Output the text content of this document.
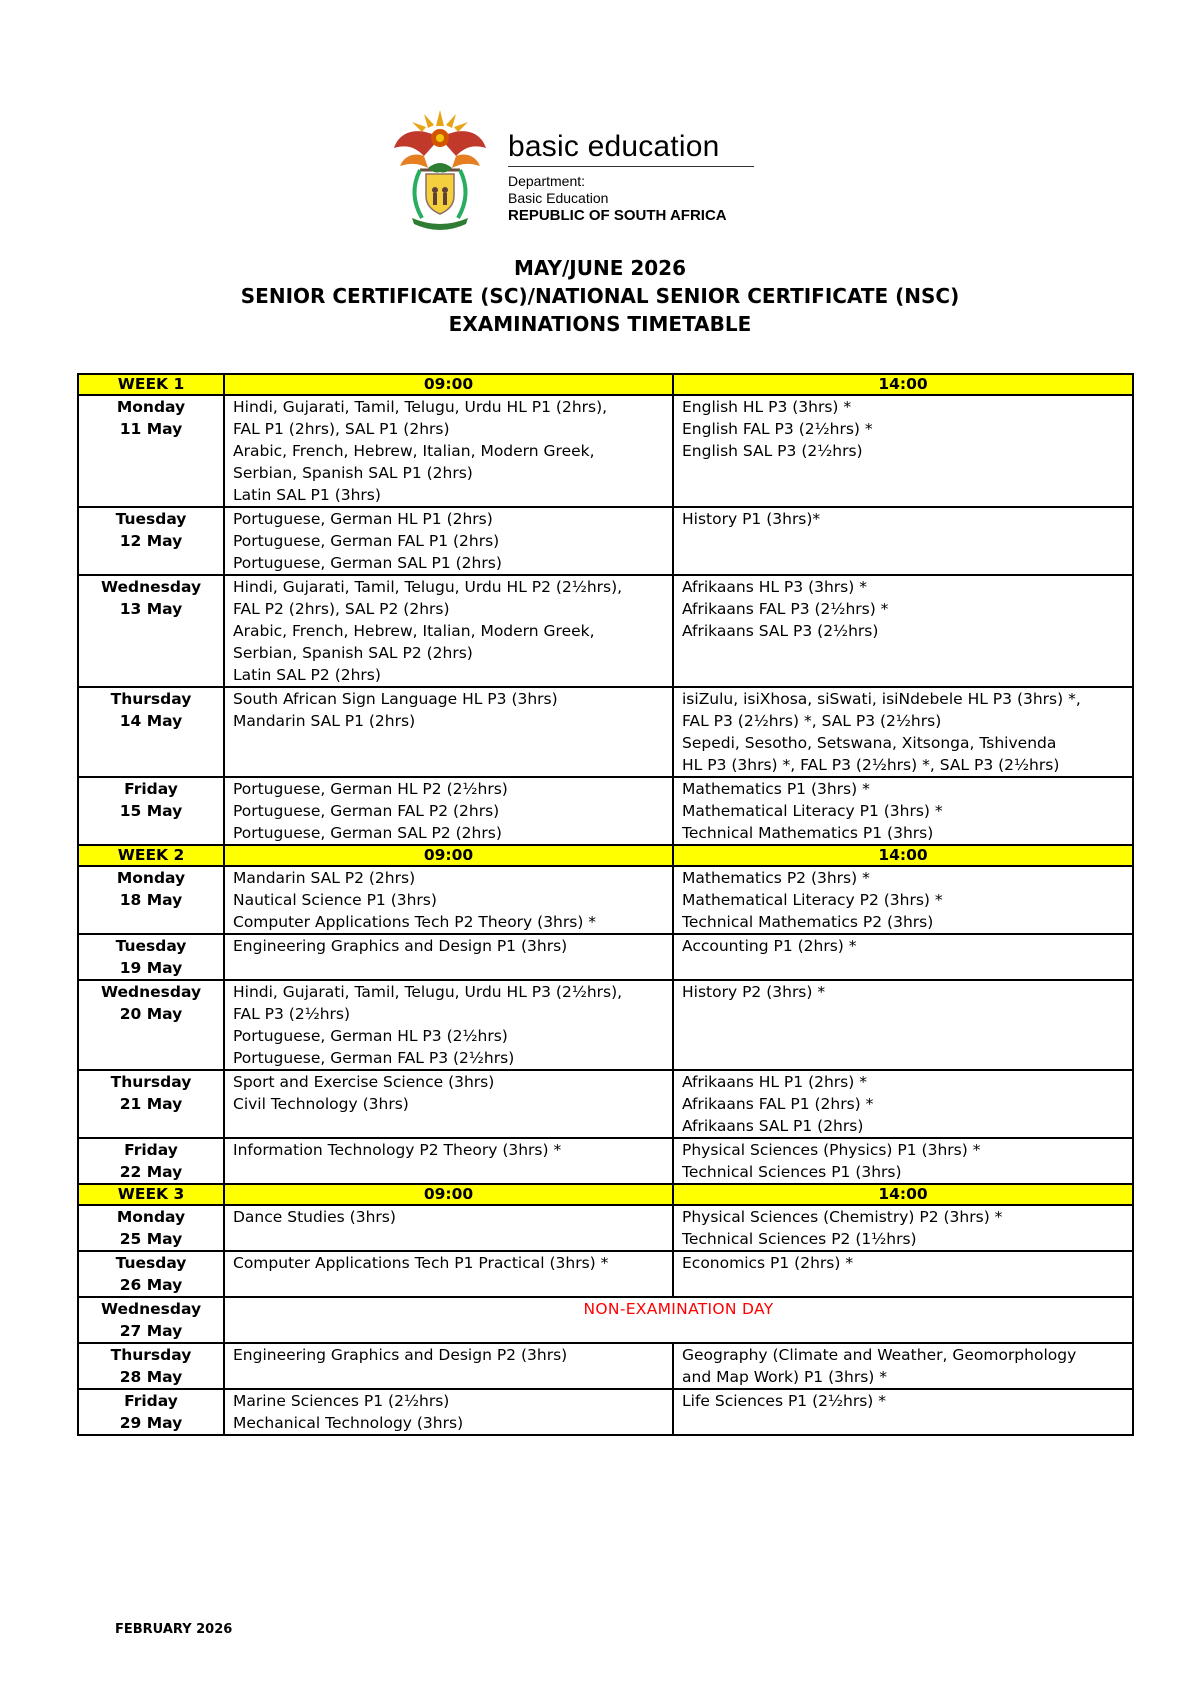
basic education
Department:
Basic Education
REPUBLIC OF SOUTH AFRICA
MAY/JUNE 2026
SENIOR CERTIFICATE (SC)/NATIONAL SENIOR CERTIFICATE (NSC)
EXAMINATIONS TIMETABLE
WEEK 1	09:00	14:00

Monday
11 May	Hindi, Gujarati, Tamil, Telugu, Urdu HL P1 (2hrs),
FAL P1 (2hrs), SAL P1 (2hrs)
Arabic, French, Hebrew, Italian, Modern Greek,
Serbian, Spanish SAL P1 (2hrs)
Latin SAL P1 (3hrs)	English HL P3 (3hrs) *
English FAL P3 (2½hrs) *
English SAL P3 (2½hrs)

Tuesday
12 May	Portuguese, German HL P1 (2hrs)
Portuguese, German FAL P1 (2hrs)
Portuguese, German SAL P1 (2hrs)	History P1 (3hrs)*

Wednesday
13 May	Hindi, Gujarati, Tamil, Telugu, Urdu HL P2 (2½hrs),
FAL P2 (2hrs), SAL P2 (2hrs)
Arabic, French, Hebrew, Italian, Modern Greek,
Serbian, Spanish SAL P2 (2hrs)
Latin SAL P2 (2hrs)	Afrikaans HL P3 (3hrs) *
Afrikaans FAL P3 (2½hrs) *
Afrikaans SAL P3 (2½hrs)

Thursday
14 May	South African Sign Language HL P3 (3hrs)
Mandarin SAL P1 (2hrs)	isiZulu, isiXhosa, siSwati, isiNdebele HL P3 (3hrs) *,
FAL P3 (2½hrs) *, SAL P3 (2½hrs)
Sepedi, Sesotho, Setswana, Xitsonga, Tshivenda
HL P3 (3hrs) *, FAL P3 (2½hrs) *, SAL P3 (2½hrs)

Friday
15 May	Portuguese, German HL P2 (2½hrs)
Portuguese, German FAL P2 (2hrs)
Portuguese, German SAL P2 (2hrs)	Mathematics P1 (3hrs) *
Mathematical Literacy P1 (3hrs) *
Technical Mathematics P1 (3hrs)

WEEK 2	09:00	14:00

Monday
18 May	Mandarin SAL P2 (2hrs)
Nautical Science P1 (3hrs)
Computer Applications Tech P2 Theory (3hrs) *	Mathematics P2 (3hrs) *
Mathematical Literacy P2 (3hrs) *
Technical Mathematics P2 (3hrs)

Tuesday
19 May	Engineering Graphics and Design P1 (3hrs)	Accounting P1 (2hrs) *

Wednesday
20 May	Hindi, Gujarati, Tamil, Telugu, Urdu HL P3 (2½hrs),
FAL P3 (2½hrs)
Portuguese, German HL P3 (2½hrs)
Portuguese, German FAL P3 (2½hrs)	History P2 (3hrs) *

Thursday
21 May	Sport and Exercise Science (3hrs)
Civil Technology (3hrs)	Afrikaans HL P1 (2hrs) *
Afrikaans FAL P1 (2hrs) *
Afrikaans SAL P1 (2hrs)

Friday
22 May	Information Technology P2 Theory (3hrs) *	Physical Sciences (Physics) P1 (3hrs) *
Technical Sciences P1 (3hrs)

WEEK 3	09:00	14:00

Monday
25 May	Dance Studies (3hrs)	Physical Sciences (Chemistry) P2 (3hrs) *
Technical Sciences P2 (1½hrs)

Tuesday
26 May	Computer Applications Tech P1 Practical (3hrs) *	Economics P1 (2hrs) *

Wednesday
27 May	NON-EXAMINATION DAY	

Thursday
28 May	Engineering Graphics and Design P2 (3hrs)	Geography (Climate and Weather, Geomorphology
and Map Work) P1 (3hrs) *

Friday
29 May	Marine Sciences P1 (2½hrs)
Mechanical Technology (3hrs)	Life Sciences P1 (2½hrs) *
FEBRUARY 2026
